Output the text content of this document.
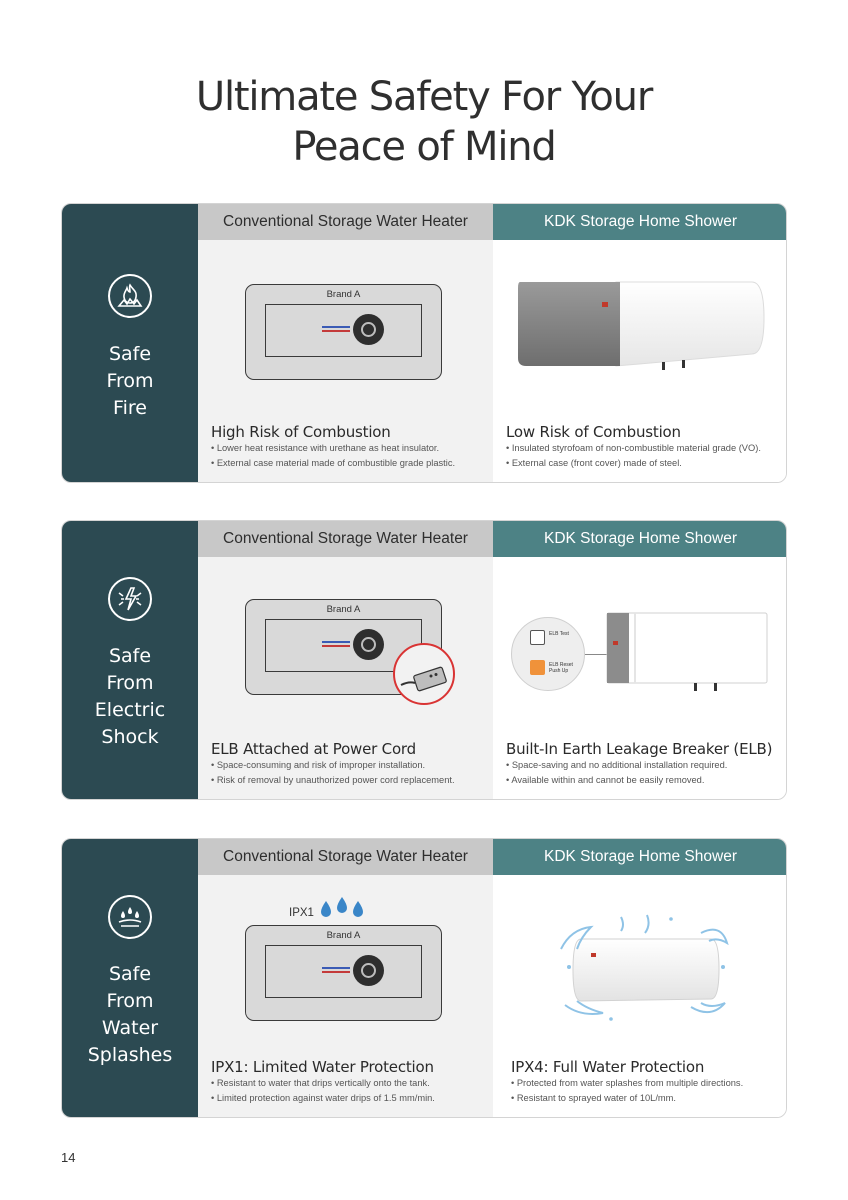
Ultimate Safety For Your
Peace of Mind
Safe
From
Fire
Conventional Storage Water Heater	KDK Storage Home Shower
Brand A
High Risk of Combustion
• Lower heat resistance with urethane as heat insulator.
• External case material made of combustible grade plastic.
Low Risk of Combustion
• Insulated styrofoam of non-combustible material grade (VO).
• External case (front cover) made of steel.
Safe
From
Electric
Shock
Conventional Storage Water Heater	KDK Storage Home Shower
Brand A
ELB Attached at Power Cord
• Space-consuming and risk of improper installation.
• Risk of removal by unauthorized power cord replacement.
ELB Test
ELB Reset Push Up
Built-In Earth Leakage Breaker (ELB)
• Space-saving and no additional installation required.
• Available within and cannot be easily removed.
Safe
From
Water
Splashes
Conventional Storage Water Heater	KDK Storage Home Shower
IPX1
Brand A
IPX1: Limited Water Protection
• Resistant to water that drips vertically onto the tank.
• Limited protection against water drips of 1.5 mm/min.
IPX4: Full Water Protection
• Protected from water splashes from multiple directions.
• Resistant to sprayed water of 10L/mm.
14
